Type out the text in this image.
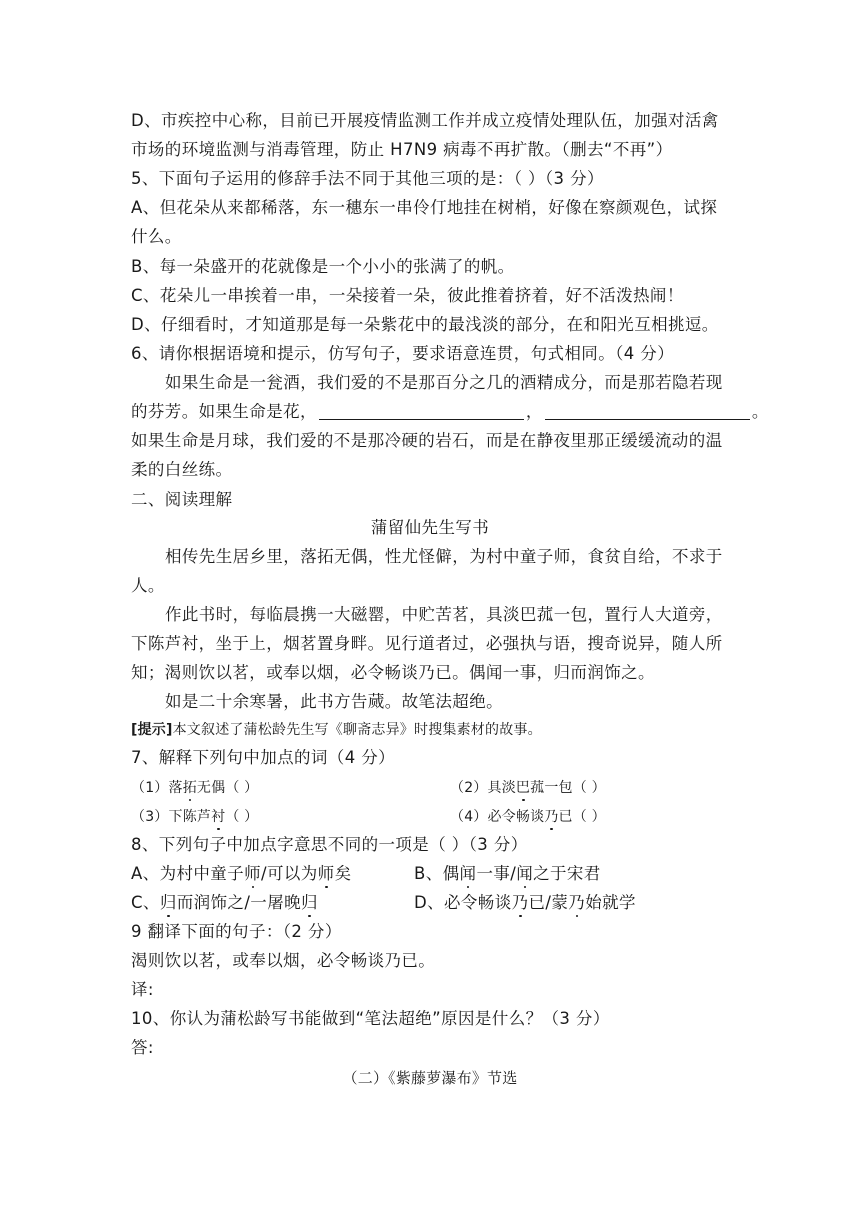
D、市疾控中心称，目前已开展疫情监测工作并成立疫情处理队伍，加强对活禽
市场的环境监测与消毒管理，防止 H7N9 病毒不再扩散。（删去“不再”）
5、下面句子运用的修辞手法不同于其他三项的是：（ ）（3 分）
A、但花朵从来都稀落，东一穗东一串伶仃地挂在树梢，好像在察颜观色，试探
什么。
B、每一朵盛开的花就像是一个小小的张满了的帆。
C、花朵儿一串挨着一串，一朵接着一朵，彼此推着挤着，好不活泼热闹！
D、仔细看时，才知道那是每一朵紫花中的最浅淡的部分，在和阳光互相挑逗。
6、请你根据语境和提示，仿写句子，要求语意连贯，句式相同。（4 分）
如果生命是一瓮酒，我们爱的不是那百分之几的酒精成分，而是那若隐若现
的芬芳。如果生命是花，	，	。
如果生命是月球，我们爱的不是那冷硬的岩石，而是在静夜里那正缓缓流动的温
柔的白丝练。
二、阅读理解
蒲留仙先生写书
相传先生居乡里，落拓无偶，性尤怪僻，为村中童子师，食贫自给，不求于
人。
作此书时，每临晨携一大磁罂，中贮苦茗，具淡巴菰一包，置行人大道旁，
下陈芦衬，坐于上，烟茗置身畔。见行道者过，必强执与语，搜奇说异，随人所
知；渴则饮以茗，或奉以烟，必令畅谈乃已。偶闻一事，归而润饰之。
如是二十余寒暑，此书方告蒇。故笔法超绝。
[提示]本文叙述了蒲松龄先生写《聊斋志异》时搜集素材的故事。
7、解释下列句中加点的词（4 分）
（1）落拓无偶（ ）	（2）具淡巴菰一包（ ）
（3）下陈芦衬（ ）	（4）必令畅谈乃已（ ）
8、下列句子中加点字意思不同的一项是（ ）（3 分）
A、为村中童子师/可以为师矣	B、偶闻一事/闻之于宋君
C、归而润饰之/一屠晚归	D、必令畅谈乃已/蒙乃始就学
9 翻译下面的句子：（2 分）
渴则饮以茗，或奉以烟，必令畅谈乃已。
译:
10、你认为蒲松龄写书能做到“笔法超绝”原因是什么？（3 分）
答:
（二）《紫藤萝瀑布》节选
